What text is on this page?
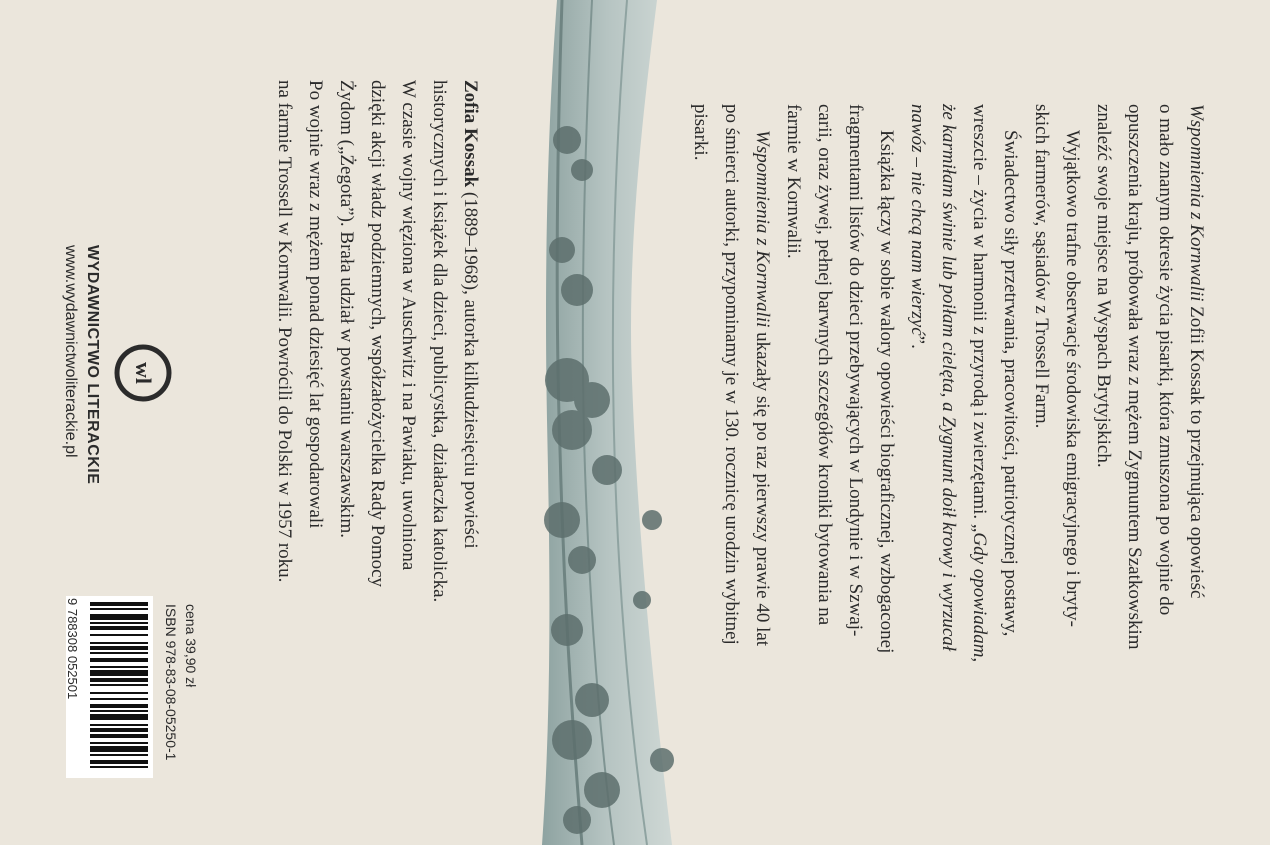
Wspomnienia z Kornwalii Zofii Kossak to przejmująca opowieść
o mało znanym okresie życia pisarki, która zmuszona po wojnie do
opuszczenia kraju, próbowała wraz z mężem Zygmuntem Szatkowskim
znaleźć swoje miejsce na Wyspach Brytyjskich.
Wyjątkowo trafne obserwacje środowiska emigracyjnego i bryty-
skich farmerów, sąsiadów z Trossell Farm.
Świadectwo siły przetrwania, pracowitości, patriotycznej postawy,
wreszcie – życia w harmonii z przyrodą i zwierzętami. „Gdy opowiadam,
że karmiłam świnie lub poiłam cielęta, a Zygmunt doił krowy i wyrzucał
nawóz – nie chcą nam wierzyć”.
Książka łączy w sobie walory opowieści biograficznej, wzbogaconej
fragmentami listów do dzieci przebywających w Londynie i w Szwaj-
carii, oraz żywej, pełnej barwnych szczegółów kroniki bytowania na
farmie w Kornwalii.
Wspomnienia z Kornwalii ukazały się po raz pierwszy prawie 40 lat
po śmierci autorki, przypominamy je w 130. rocznicę urodzin wybitnej
pisarki.
Zofia Kossak (1889–1968), autorka kilkudziesięciu powieści
historycznych i książek dla dzieci, publicystka, działaczka katolicka.
W czasie wojny więziona w Auschwitz i na Pawiaku, uwolniona
dzięki akcji władz podziemnych, współzałożycielka Rady Pomocy
Żydom („Żegota”). Brała udział w powstaniu warszawskim.
Po wojnie wraz z mężem ponad dziesięć lat gospodarowali
na farmie Trossell w Kornwalii. Powrócili do Polski w 1957 roku.
WYDAWNICTWO LITERACKIE
www.wydawnictwoliterackie.pl wl
cena 39,90 zł
ISBN 978-83-08-05250-1
9 788308 052501
